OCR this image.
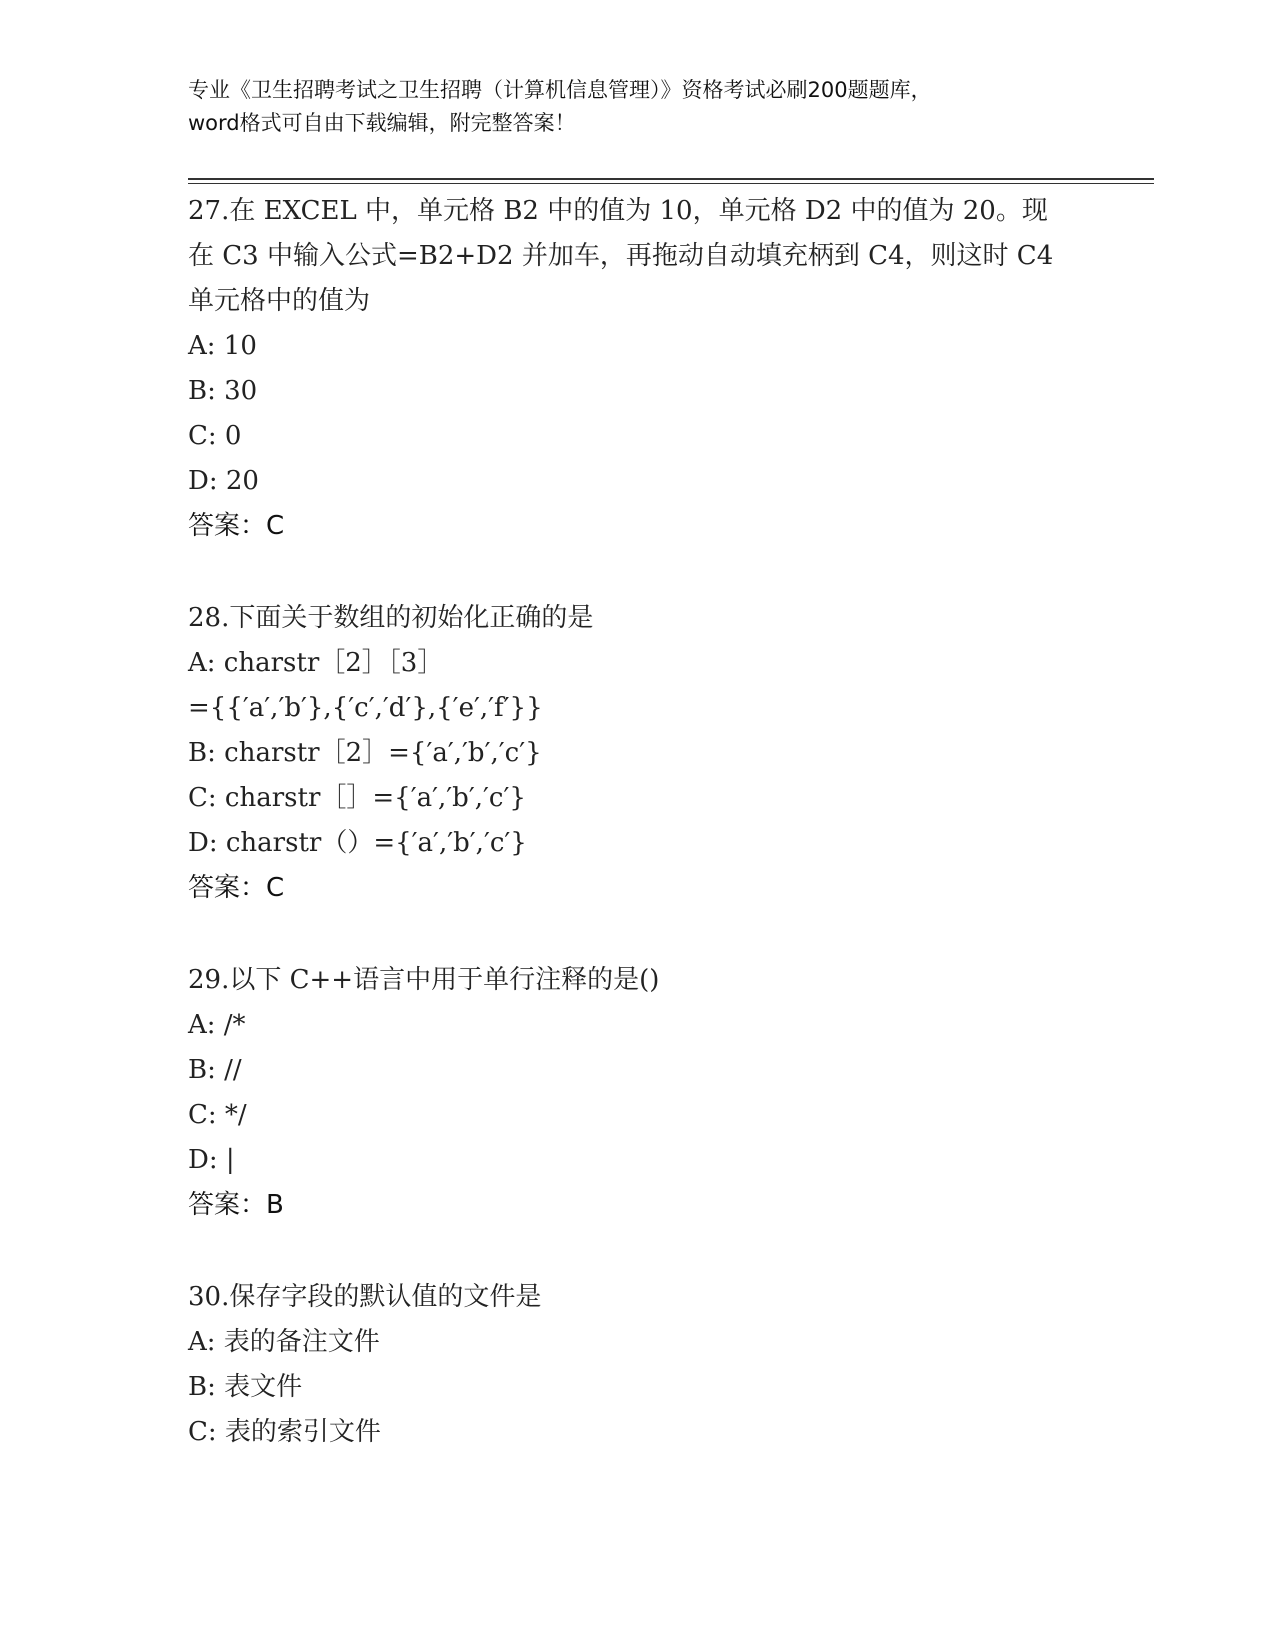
专业《卫生招聘考试之卫生招聘（计算机信息管理）》资格考试必刷200题题库，
word格式可自由下载编辑，附完整答案！

27.在 EXCEL 中，单元格 B2 中的值为 10，单元格 D2 中的值为 20。现在 C3 中输入公式=B2+D2 并加车，再拖动自动填充柄到 C4，则这时 C4 单元格中的值为

A: 10

B: 30

C: 0

D: 20

答案：C

28.下面关于数组的初始化正确的是

A: charstr［2］［3］

={{′a′,′b′},{′c′,′d′},{′e′,′f′}}

B: charstr［2］={′a′,′b′,′c′}

C: charstr［］={′a′,′b′,′c′}

D: charstr（）={′a′,′b′,′c′}

答案：C

29.以下 C++语言中用于单行注释的是()

A: /*

B: //

C: */

D: |

答案：B

30.保存字段的默认值的文件是

A: 表的备注文件

B: 表文件

C: 表的索引文件
